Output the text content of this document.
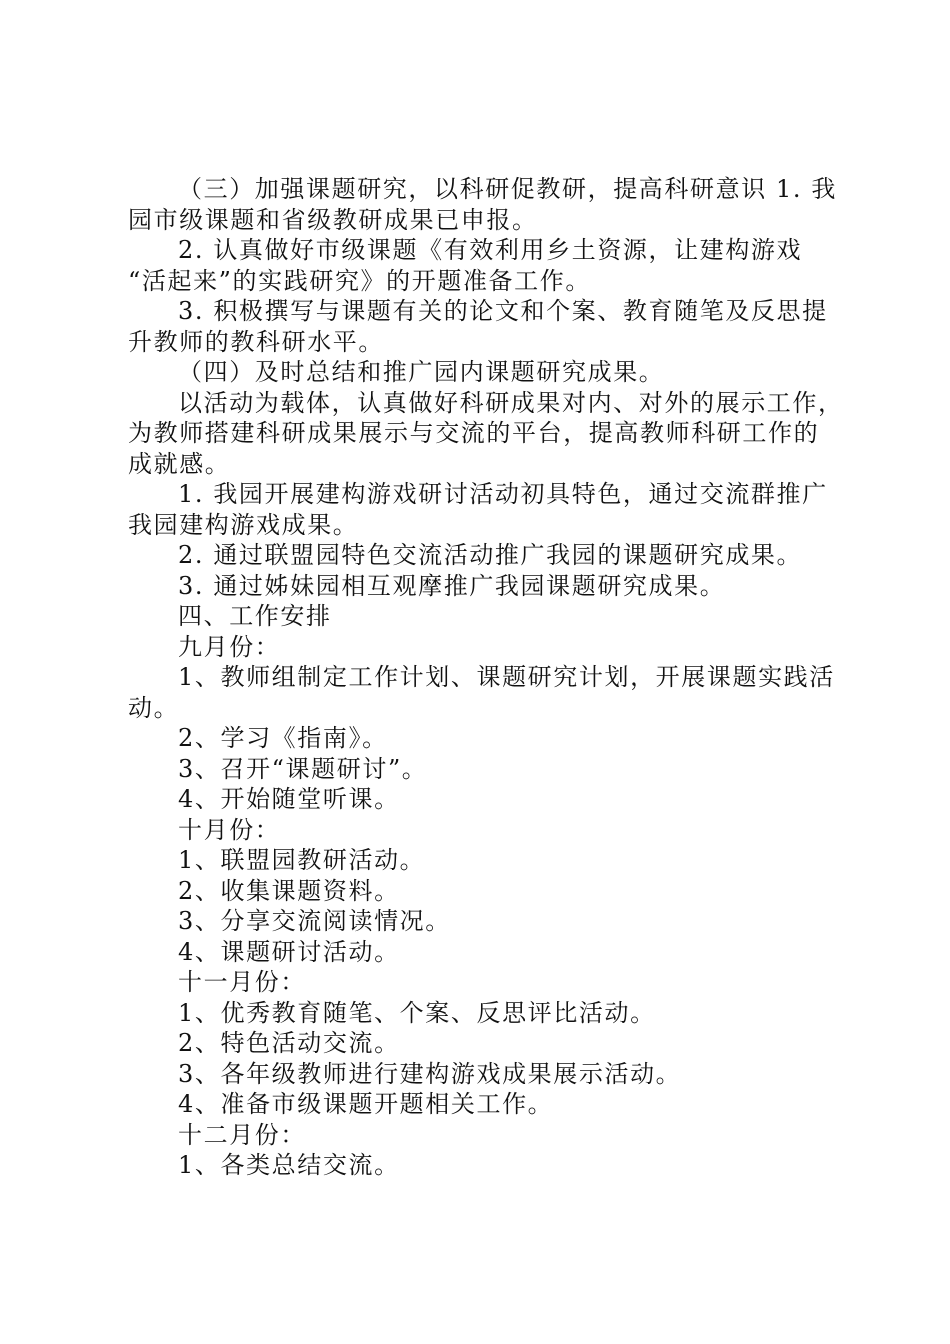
（三）加强课题研究，以科研促教研，提高科研意识 1. 我

园市级课题和省级教研成果已申报。

2. 认真做好市级课题《有效利用乡土资源，让建构游戏

“活起来”的实践研究》的开题准备工作。

3. 积极撰写与课题有关的论文和个案、教育随笔及反思提

升教师的教科研水平。

（四）及时总结和推广园内课题研究成果。

以活动为载体，认真做好科研成果对内、对外的展示工作，

为教师搭建科研成果展示与交流的平台，提高教师科研工作的

成就感。

1. 我园开展建构游戏研讨活动初具特色，通过交流群推广

我园建构游戏成果。

2. 通过联盟园特色交流活动推广我园的课题研究成果。

3. 通过姊妹园相互观摩推广我园课题研究成果。

四、工作安排

九月份：

1、教师组制定工作计划、课题研究计划，开展课题实践活

动。

2、学习《指南》。

3、召开“课题研讨”。

4、开始随堂听课。

十月份：

1、联盟园教研活动。

2、收集课题资料。

3、分享交流阅读情况。

4、课题研讨活动。

十一月份：

1、优秀教育随笔、个案、反思评比活动。

2、特色活动交流。

3、各年级教师进行建构游戏成果展示活动。

4、准备市级课题开题相关工作。

十二月份：

1、各类总结交流。
